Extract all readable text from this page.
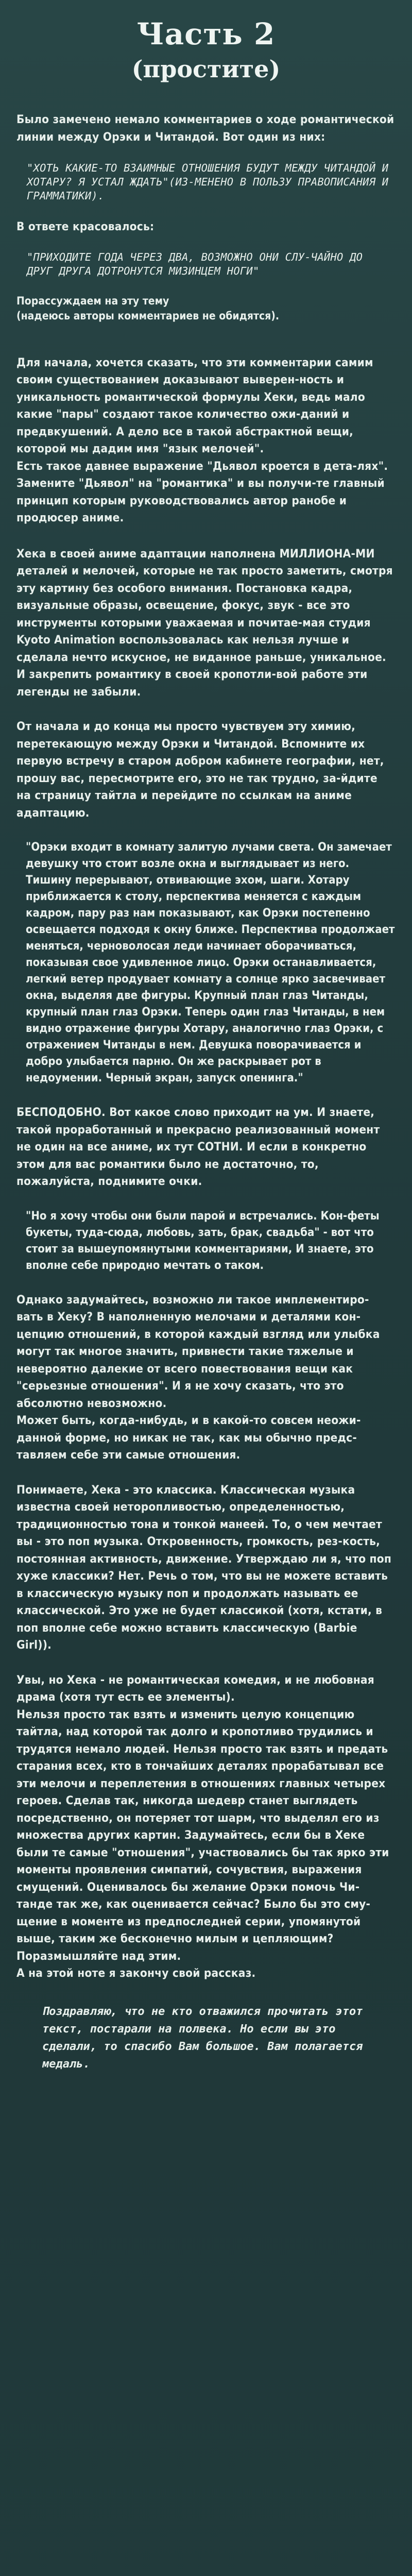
Часть 2
(простите)

Было замечено немало комментариев о ходе романтической линии между Орэки и Читандой. Вот один из них:

"ХОТЬ КАКИЕ-ТО ВЗАИМНЫЕ ОТНОШЕНИЯ БУДУТ МЕЖДУ ЧИТАНДОЙ И ХОТАРУ? Я УСТАЛ ЖДАТЬ"(ИЗ-МЕНЕНО В ПОЛЬЗУ ПРАВОПИСАНИЯ И ГРАММАТИКИ).

В ответе красовалось:

"ПРИХОДИТЕ ГОДА ЧЕРЕЗ ДВА, ВОЗМОЖНО ОНИ СЛУ-ЧАЙНО ДО ДРУГ ДРУГА ДОТРОНУТСЯ МИЗИНЦЕМ НОГИ"

Порассуждаем на эту тему
(надеюсь авторы комментариев не обидятся).

Для начала, хочется сказать, что эти комментарии самим своим существованием доказывают выверен-ность и уникальность романтической формулы Хеки, ведь мало какие "пары" создают такое количество ожи-даний и предвкушений. А дело все в такой абстрактной вещи, которой мы дадим имя "язык мелочей".
Есть такое давнее выражение "Дьявол кроется в дета-лях". Замените "Дьявол" на "романтика" и вы получи-те главный принцип которым руководствовались автор ранобе и продюсер аниме.

Хека в своей аниме адаптации наполнена МИЛЛИОНА-МИ деталей и мелочей, которые не так просто заметить, смотря эту картину без особого внимания. Постановка кадра, визуальные образы, освещение, фокус, звук - все это инструменты которыми уважаемая и почитае-мая студия Kyoto Animation воспользовалась как нельзя лучше и сделала нечто искусное, не виданное раньше, уникальное. И закрепить романтику в своей кропотли-вой работе эти легенды не забыли.

От начала и до конца мы просто чувствуем эту химию, перетекающую между Орэки и Читандой. Вспомните их первую встречу в старом добром кабинете географии, нет, прошу вас, пересмотрите его, это не так трудно, за-йдите на страницу тайтла и перейдите по ссылкам на аниме адаптацию.

"Орэки входит в комнату залитую лучами света. Он замечает девушку что стоит возле окна и выглядывает из него. Тишину перерывают, отвивающие эхом, шаги. Хотару приближается к столу, перспектива меняется с каждым кадром, пару раз нам показывают, как Орэки постепенно освещается подходя к окну ближе. Перспектива продолжает меняться, черноволосая леди начинает оборачиваться, показывая свое удивленное лицо. Орэки останавливается, легкий ветер продувает комнату а солнце ярко засвечивает окна, выделяя две фигуры. Крупный план глаз Читанды, крупный план глаз Орэки. Теперь один глаз Читанды, в нем видно отражение фигуры Хотару, аналогично глаз Орэки, с отражением Читанды в нем. Девушка поворачивается и добро улыбается парню. Он же раскрывает рот в недоумении. Черный экран, запуск опенинга."

БЕСПОДОБНО. Вот какое слово приходит на ум. И знаете, такой проработанный и прекрасно реализованный момент не один на все аниме, их тут СОТНИ. И если в конкретно этом для вас романтики было не достаточно, то, пожалуйста, поднимите очки.

"Но я хочу чтобы они были парой и встречались. Кон-феты букеты, туда-сюда, любовь, зать, брак, свадьба" - вот что стоит за вышеупомянутыми комментариями, И знаете, это вполне себе природно мечтать о таком.

Однако задумайтесь, возможно ли такое имплементиро-вать в Хеку? В наполненную мелочами и деталями кон-цепцию отношений, в которой каждый взгляд или улыбка могут так многое значить, привнести такие тяжелые и невероятно далекие от всего повествования вещи как "серьезные отношения". И я не хочу сказать, что это абсолютно невозможно.
Может быть, когда-нибудь, и в какой-то совсем неожи-данной форме, но никак не так, как мы обычно предс-тавляем себе эти самые отношения.

Понимаете, Хека - это классика. Классическая музыка известна своей неторопливостью, определенностью, традиционностью тона и тонкой манеей. То, о чем мечтает вы - это поп музыка. Откровенность, громкость, рез-кость, постоянная активность, движение. Утверждаю ли я, что поп хуже классики? Нет. Речь о том, что вы не можете вставить в классическую музыку поп и продолжать называть ее классической. Это уже не будет классикой (хотя, кстати, в поп вполне себе можно вставить классическую (Barbie Girl)).

Увы, но Хека - не романтическая комедия, и не любовная драма (хотя тут есть ее элементы).
Нельзя просто так взять и изменить целую концепцию тайтла, над которой так долго и кропотливо трудились и трудятся немало людей. Нельзя просто так взять и предать старания всех, кто в тончайших деталях прорабатывал все эти мелочи и переплетения в отношениях главных четырех героев. Сделав так, никогда шедевр станет выглядеть посредственно, он потеряет тот шарм, что выделял его из множества других картин. Задумайтесь, если бы в Хеке были те самые "отношения", участвовались бы так ярко эти моменты проявления симпатий, сочувствия, выражения смущений. Оценивалось бы желание Орэки помочь Чи-танде так же, как оценивается сейчас? Было бы это сму-щение в моменте из предпоследней серии, упомянутой выше, таким же бесконечно милым и цепляющим? Поразмышляйте над этим.
А на этой ноте я закончу свой рассказ.

Поздравляю, что не кто отважился прочитать этот текст, постарали на полвека. Но если вы это сделали, то спасибо Вам большое. Вам полагается медаль.
